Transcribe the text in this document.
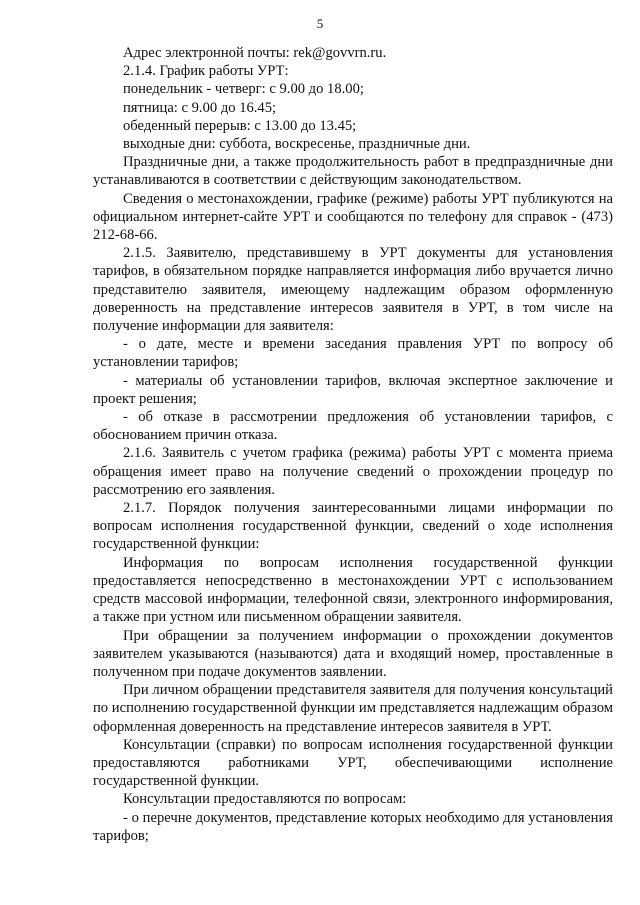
5

Адрес электронной почты: rek@govvrn.ru.

2.1.4. График работы УРТ:

понедельник - четверг: с 9.00 до 18.00;

пятница: с 9.00 до 16.45;

обеденный перерыв: с 13.00 до 13.45;

выходные дни: суббота, воскресенье, праздничные дни.

Праздничные дни, а также продолжительность работ в предпраздничные дни устанавливаются в соответствии с действующим законодательством.

Сведения о местонахождении, графике (режиме) работы УРТ публикуются на официальном интернет-сайте УРТ и сообщаются по телефону для справок - (473) 212-68-66.

2.1.5. Заявителю, представившему в УРТ документы для установления тарифов, в обязательном порядке направляется информация либо вручается лично представителю заявителя, имеющему надлежащим образом оформленную доверенность на представление интересов заявителя в УРТ, в том числе на получение информации для заявителя:

- о дате, месте и времени заседания правления УРТ по вопросу об установлении тарифов;

- материалы об установлении тарифов, включая экспертное заключение и проект решения;

- об отказе в рассмотрении предложения об установлении тарифов, с обоснованием причин отказа.

2.1.6. Заявитель с учетом графика (режима) работы УРТ с момента приема обращения имеет право на получение сведений о прохождении процедур по рассмотрению его заявления.

2.1.7. Порядок получения заинтересованными лицами информации по вопросам исполнения государственной функции, сведений о ходе исполнения государственной функции:

Информация по вопросам исполнения государственной функции предоставляется непосредственно в местонахождении УРТ с использованием средств массовой информации, телефонной связи, электронного информирования, а также при устном или письменном обращении заявителя.

При обращении за получением информации о прохождении документов заявителем указываются (называются) дата и входящий номер, проставленные в полученном при подаче документов заявлении.

При личном обращении представителя заявителя для получения консультаций по исполнению государственной функции им представляется надлежащим образом оформленная доверенность на представление интересов заявителя в УРТ.

Консультации (справки) по вопросам исполнения государственной функции предоставляются работниками УРТ, обеспечивающими исполнение государственной функции.

Консультации предоставляются по вопросам:

- о перечне документов, представление которых необходимо для установления тарифов;
